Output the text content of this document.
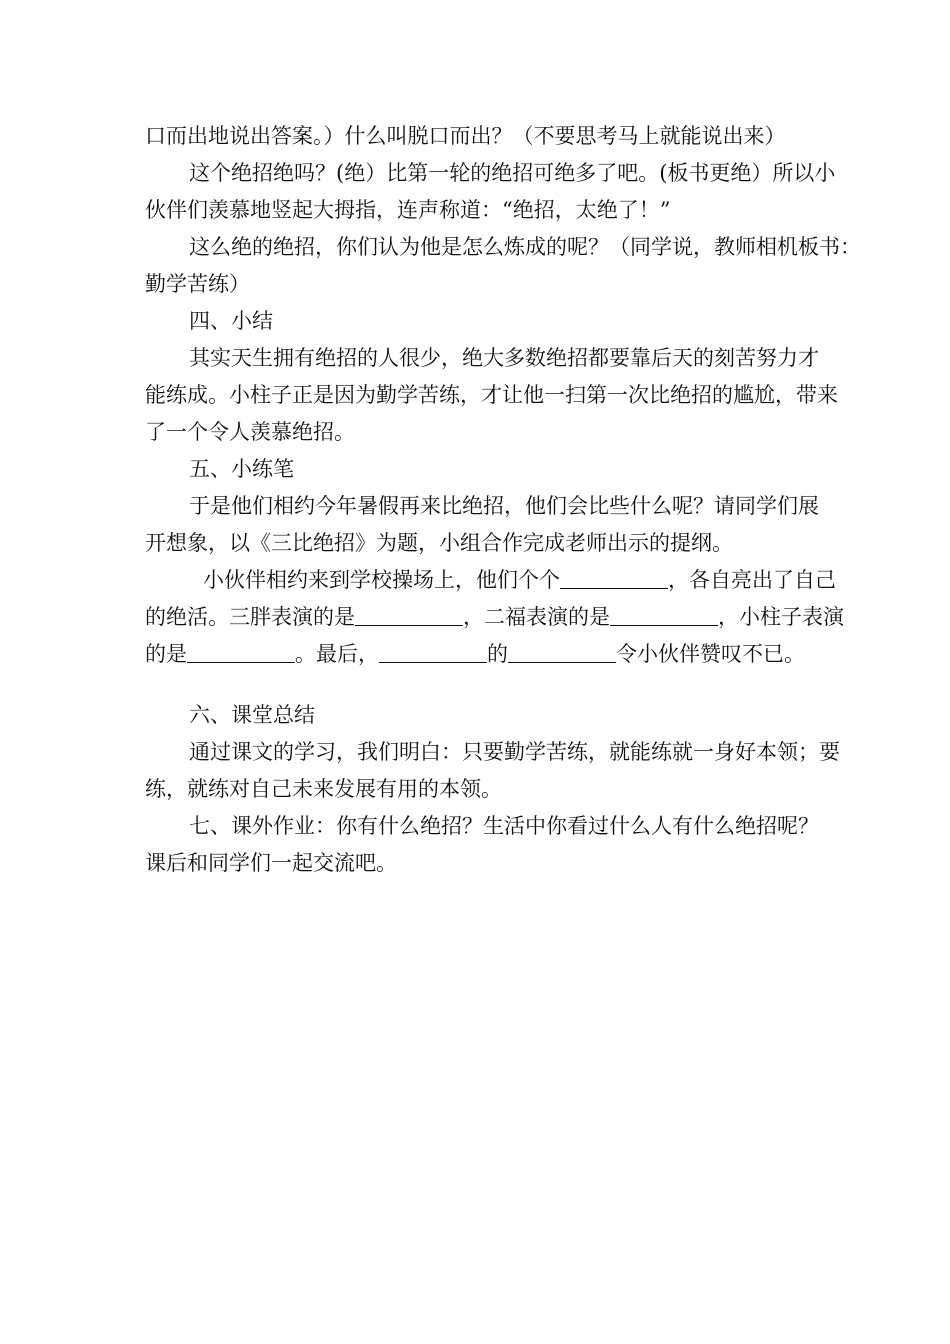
口而出地说出答案。）什么叫脱口而出？（不要思考马上就能说出来）
这个绝招绝吗？(绝）比第一轮的绝招可绝多了吧。(板书更绝）所以小
伙伴们羡慕地竖起大拇指，连声称道：“绝招，太绝了！”
这么绝的绝招，你们认为他是怎么炼成的呢？（同学说，教师相机板书：
勤学苦练）
四、小结
其实天生拥有绝招的人很少，绝大多数绝招都要靠后天的刻苦努力才
能练成。小柱子正是因为勤学苦练，才让他一扫第一次比绝招的尴尬，带来
了一个令人羡慕绝招。
五、小练笔
于是他们相约今年暑假再来比绝招，他们会比些什么呢？请同学们展
开想象，以《三比绝招》为题，小组合作完成老师出示的提纲。
小伙伴相约来到学校操场上，他们个个	，各自亮出了自己
的绝活。三胖表演的是	，二福表演的是	，小柱子表演
的是	。最后，	的	令小伙伴赞叹不已。
六、课堂总结
通过课文的学习，我们明白：只要勤学苦练，就能练就一身好本领；要
练，就练对自己未来发展有用的本领。
七、课外作业：你有什么绝招？生活中你看过什么人有什么绝招呢？
课后和同学们一起交流吧。
